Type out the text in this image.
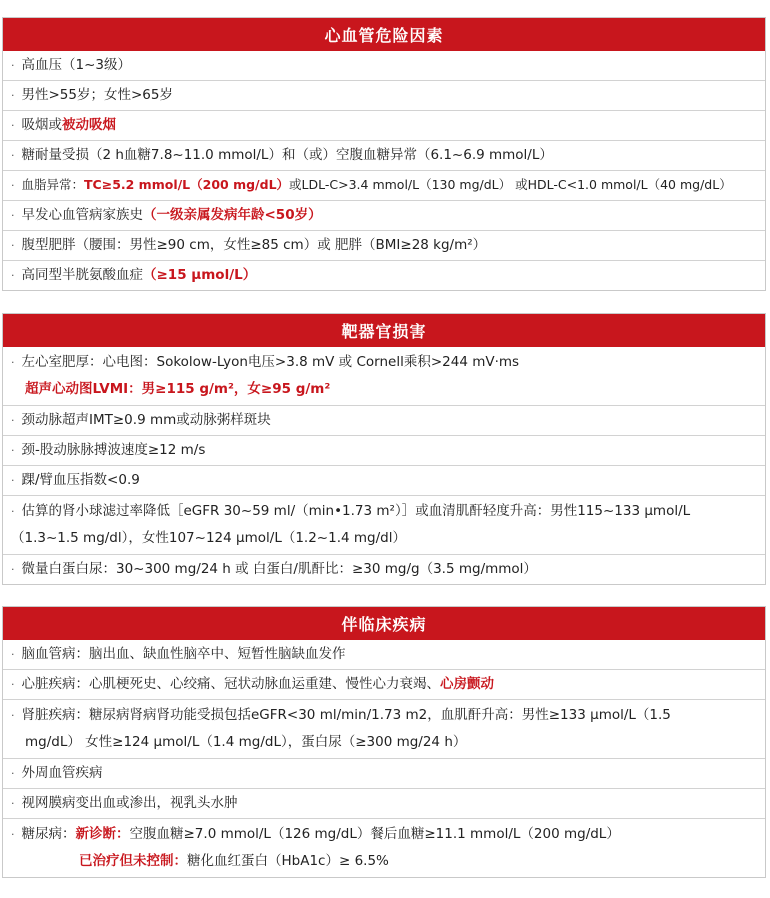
心血管危险因素
· 高血压（1~3级）
· 男性>55岁；女性>65岁
· 吸烟或被动吸烟
· 糖耐量受损（2 h血糖7.8~11.0 mmol/L）和（或）空腹血糖异常（6.1~6.9 mmol/L）
· 血脂异常：TC≥5.2 mmol/L（200 mg/dL）或LDL-C>3.4 mmol/L（130 mg/dL） 或HDL-C<1.0 mmol/L（40 mg/dL）
· 早发心血管病家族史（一级亲属发病年龄<50岁）
· 腹型肥胖（腰围：男性≥90 cm，女性≥85 cm）或 肥胖（BMI≥28 kg/m²）
· 高同型半胱氨酸血症（≥15 μmol/L）
靶器官损害
· 左心室肥厚：心电图：Sokolow-Lyon电压>3.8 mV 或 Cornell乘积>244 mV·ms
超声心动图LVMI：男≥115 g/m²，女≥95 g/m²
· 颈动脉超声IMT≥0.9 mm或动脉粥样斑块
· 颈-股动脉脉搏波速度≥12 m/s
· 踝/臂血压指数<0.9
· 估算的肾小球滤过率降低［eGFR 30~59 ml/（min•1.73 m²）］或血清肌酐轻度升高：男性115~133 μmol/L
（1.3~1.5 mg/dl），女性107~124 μmol/L（1.2~1.4 mg/dl）
· 微量白蛋白尿：30~300 mg/24 h 或 白蛋白/肌酐比：≥30 mg/g（3.5 mg/mmol）
伴临床疾病
· 脑血管病：脑出血、缺血性脑卒中、短暂性脑缺血发作
· 心脏疾病：心肌梗死史、心绞痛、冠状动脉血运重建、慢性心力衰竭、心房颤动
· 肾脏疾病：糖尿病肾病肾功能受损包括eGFR<30 ml/min/1.73 m2，血肌酐升高：男性≥133 μmol/L（1.5
mg/dL） 女性≥124 μmol/L（1.4 mg/dL），蛋白尿（≥300 mg/24 h）
· 外周血管疾病
· 视网膜病变出血或渗出，视乳头水肿
· 糖尿病：新诊断：空腹血糖≥7.0 mmol/L（126 mg/dL）餐后血糖≥11.1 mmol/L（200 mg/dL）
已治疗但未控制：糖化血红蛋白（HbA1c）≥ 6.5%
